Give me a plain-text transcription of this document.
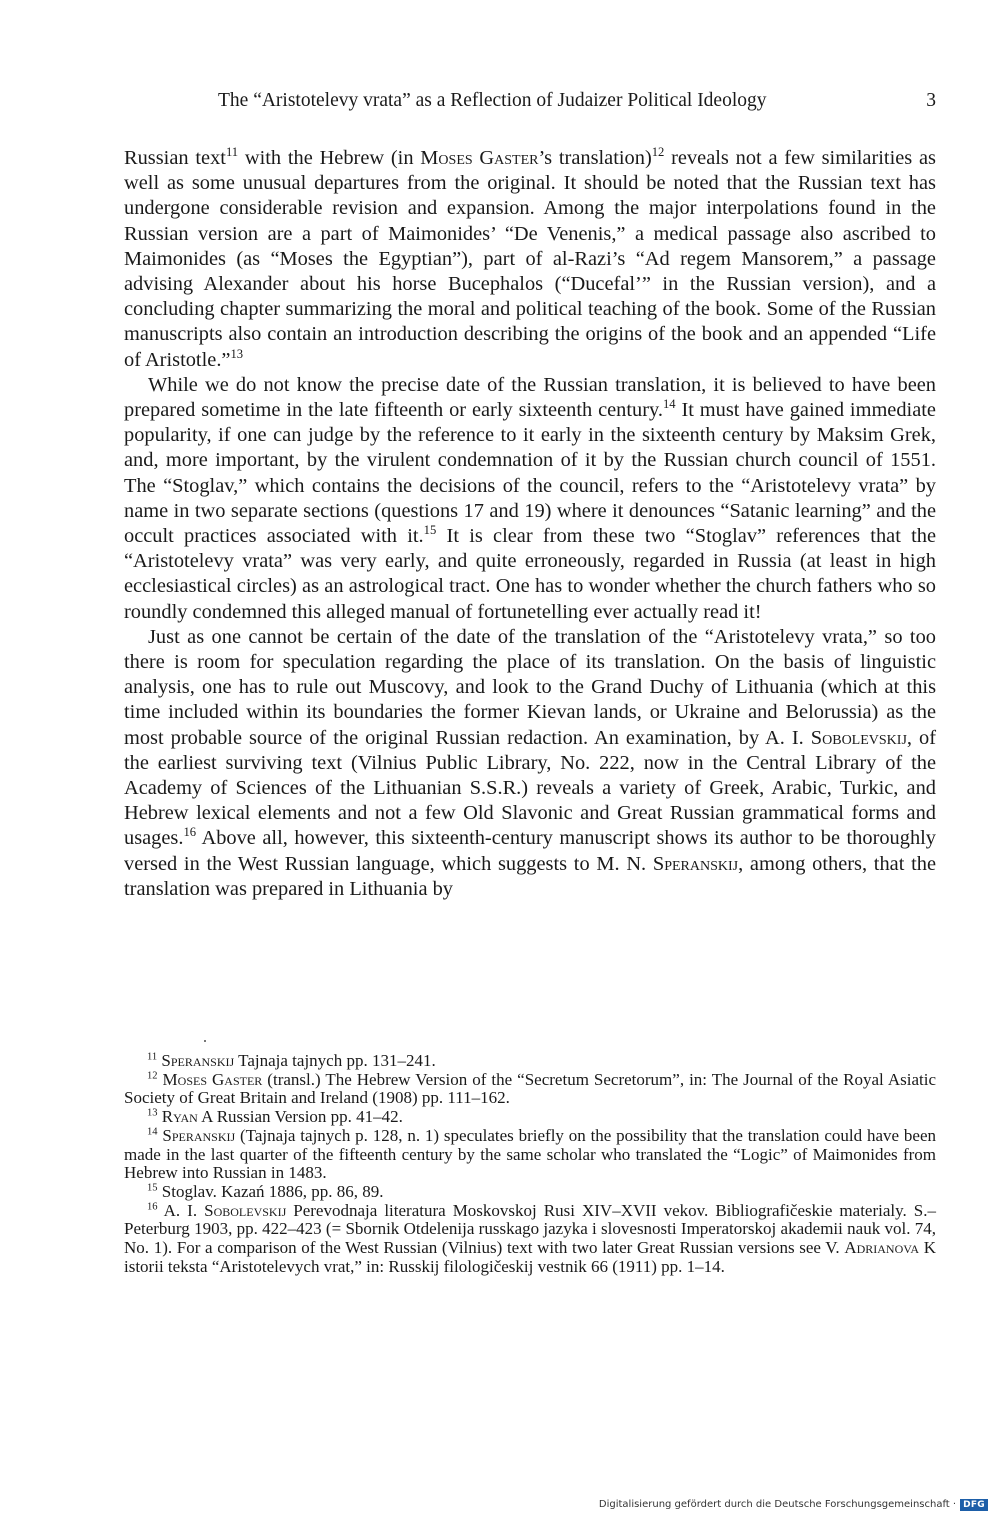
The “Aristotelevy vrata” as a Reflection of Judaizer Political Ideology	3

Russian text$^{11}$ with the Hebrew (in Moses Gaster’s translation)$^{12}$ reveals not a few similarities as well as some unusual departures from the original. It should be noted that the Russian text has undergone considerable revision and expansion. Among the major interpolations found in the Russian version are a part of Maimonides’ “De Venenis,” a medical passage also ascribed to Maimonides (as “Moses the Egyptian”), part of al-Razi’s “Ad regem Mansorem,” a passage advising Alexander about his horse Bucephalos (“Ducefal’” in the Russian version), and a concluding chapter summarizing the moral and political teaching of the book. Some of the Russian manuscripts also contain an introduction describing the origins of the book and an appended “Life of Aristotle.”$^{13}$

While we do not know the precise date of the Russian translation, it is believed to have been prepared sometime in the late fifteenth or early sixteenth century.$^{14}$ It must have gained immediate popularity, if one can judge by the reference to it early in the sixteenth century by Maksim Grek, and, more important, by the virulent condemnation of it by the Russian church council of 1551. The “Stoglav,” which contains the decisions of the council, refers to the “Aristotelevy vrata” by name in two separate sections (questions 17 and 19) where it denounces “Satanic learning” and the occult practices associated with it.$^{15}$ It is clear from these two “Stoglav” references that the “Aristotelevy vrata” was very early, and quite erroneously, regarded in Russia (at least in high ecclesiastical circles) as an astrological tract. One has to wonder whether the church fathers who so roundly condemned this alleged manual of fortunetelling ever actually read it!

Just as one cannot be certain of the date of the translation of the “Aristotelevy vrata,” so too there is room for speculation regarding the place of its translation. On the basis of linguistic analysis, one has to rule out Muscovy, and look to the Grand Duchy of Lithuania (which at this time included within its boundaries the former Kievan lands, or Ukraine and Belorussia) as the most probable source of the original Russian redaction. An examination, by A. I. Sobolevskij, of the earliest surviving text (Vilnius Public Library, No. 222, now in the Central Library of the Academy of Sciences of the Lithuanian S.S.R.) reveals a variety of Greek, Arabic, Turkic, and Hebrew lexical elements and not a few Old Slavonic and Great Russian grammatical forms and usages.$^{16}$ Above all, however, this sixteenth-century manuscript shows its author to be thoroughly versed in the West Russian language, which suggests to M. N. Speranskij, among others, that the translation was prepared in Lithuania by

$^{11}$ Speranskij Tajnaja tajnych pp. 131–241.

$^{12}$ Moses Gaster (transl.) The Hebrew Version of the “Secretum Secretorum”, in: The Journal of the Royal Asiatic Society of Great Britain and Ireland (1908) pp. 111–162.

$^{13}$ Ryan A Russian Version pp. 41–42.

$^{14}$ Speranskij (Tajnaja tajnych p. 128, n. 1) speculates briefly on the possibility that the translation could have been made in the last quarter of the fifteenth century by the same scholar who translated the “Logic” of Maimonides from Hebrew into Russian in 1483.

$^{15}$ Stoglav. Kazań 1886, pp. 86, 89.

$^{16}$ A. I. Sobolevskij Perevodnaja literatura Moskovskoj Rusi XIV–XVII vekov. Bibliografičeskie materialy. S.–Peterburg 1903, pp. 422–423 (= Sbornik Otdelenija russkago jazyka i slovesnosti Imperatorskoj akademii nauk vol. 74, No. 1). For a comparison of the West Russian (Vilnius) text with two later Great Russian versions see V. Adrianova K istorii teksta “Aristotelevych vrat,” in: Russkij filologičeskij vestnik 66 (1911) pp. 1–14.

Digitalisierung gefördert durch die Deutsche Forschungsgemeinschaft · DFG
